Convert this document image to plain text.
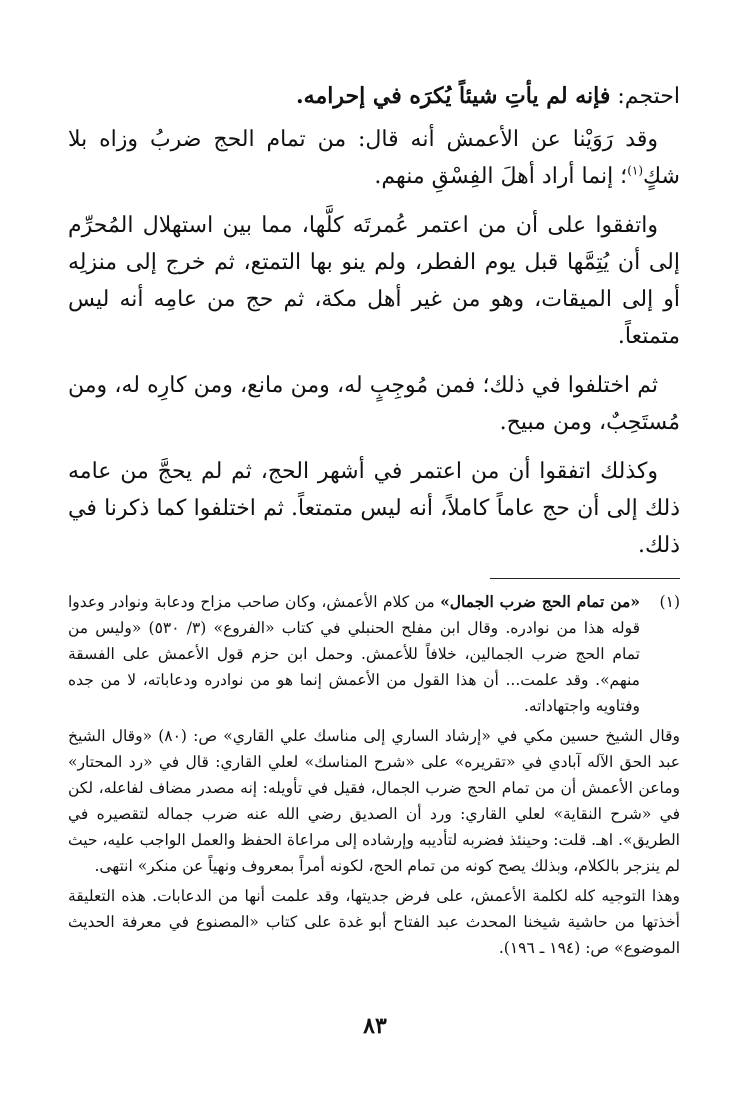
احتجم: فإنه لم يأتِ شيئاً يُكرَه في إحرامه.

وقد رَوَيْنا عن الأعمش أنه قال: من تمام الحج ضربُ وزاه بلا شكٍ$^{(١)}$؛ إنما أراد أهلَ الفِسْقِ منهم.

واتفقوا على أن من اعتمر عُمرتَه كلَّها، مما بين استهلال المُحرِّم إلى أن يُتِمَّها قبل يوم الفطر، ولم ينو بها التمتع، ثم خرج إلى منزلِه أو إلى الميقات، وهو من غير أهل مكة، ثم حج من عامِه أنه ليس متمتعاً.

ثم اختلفوا في ذلك؛ فمن مُوجِبٍ له، ومن مانع، ومن كارِه له، ومن مُستَحِبٌ، ومن مبيح.

وكذلك اتفقوا أن من اعتمر في أشهر الحج، ثم لم يحجَّ من عامه ذلك إلى أن حج عاماً كاملاً، أنه ليس متمتعاً. ثم اختلفوا كما ذكرنا في ذلك.

(١)
«من تمام الحج ضرب الجمال» من كلام الأعمش، وكان صاحب مزاح ودعابة ونوادر وعدوا قوله هذا من نوادره. وقال ابن مفلح الحنبلي في كتاب «الفروع» (٣/ ٥٣٠) «وليس من تمام الحج ضرب الجمالين، خلافاً للأعمش. وحمل ابن حزم قول الأعمش على الفسقة منهم». وقد علمت... أن هذا القول من الأعمش إنما هو من نوادره ودعاباته، لا من جده وفتاويه واجتهاداته.

وقال الشيخ حسين مكي في «إرشاد الساري إلى مناسك علي القاري» ص: (٨٠) «وقال الشيخ عبد الحق الآله آبادي في «تقريره» على «شرح المناسك» لعلي القاري: قال في «رد المحتار» وماعن الأعمش أن من تمام الحج ضرب الجمال، فقيل في تأويله: إنه مصدر مضاف لفاعله، لكن في «شرح النقاية» لعلي القاري: ورد أن الصديق رضي الله عنه ضرب جماله لتقصيره في الطريق». اهـ. قلت: وحينئذ فضربه لتأديبه وإرشاده إلى مراعاة الحفظ والعمل الواجب عليه، حيث لم ينزجر بالكلام، وبذلك يصح كونه من تمام الحج، لكونه أمراً بمعروف ونهياً عن منكر» انتهى.

وهذا التوجيه كله لكلمة الأعمش، على فرض جديتها، وقد علمت أنها من الدعابات. هذه التعليقة أخذتها من حاشية شيخنا المحدث عبد الفتاح أبو غدة على كتاب «المصنوع في معرفة الحديث الموضوع» ص: (١٩٤ ـ ١٩٦).

٨٣
